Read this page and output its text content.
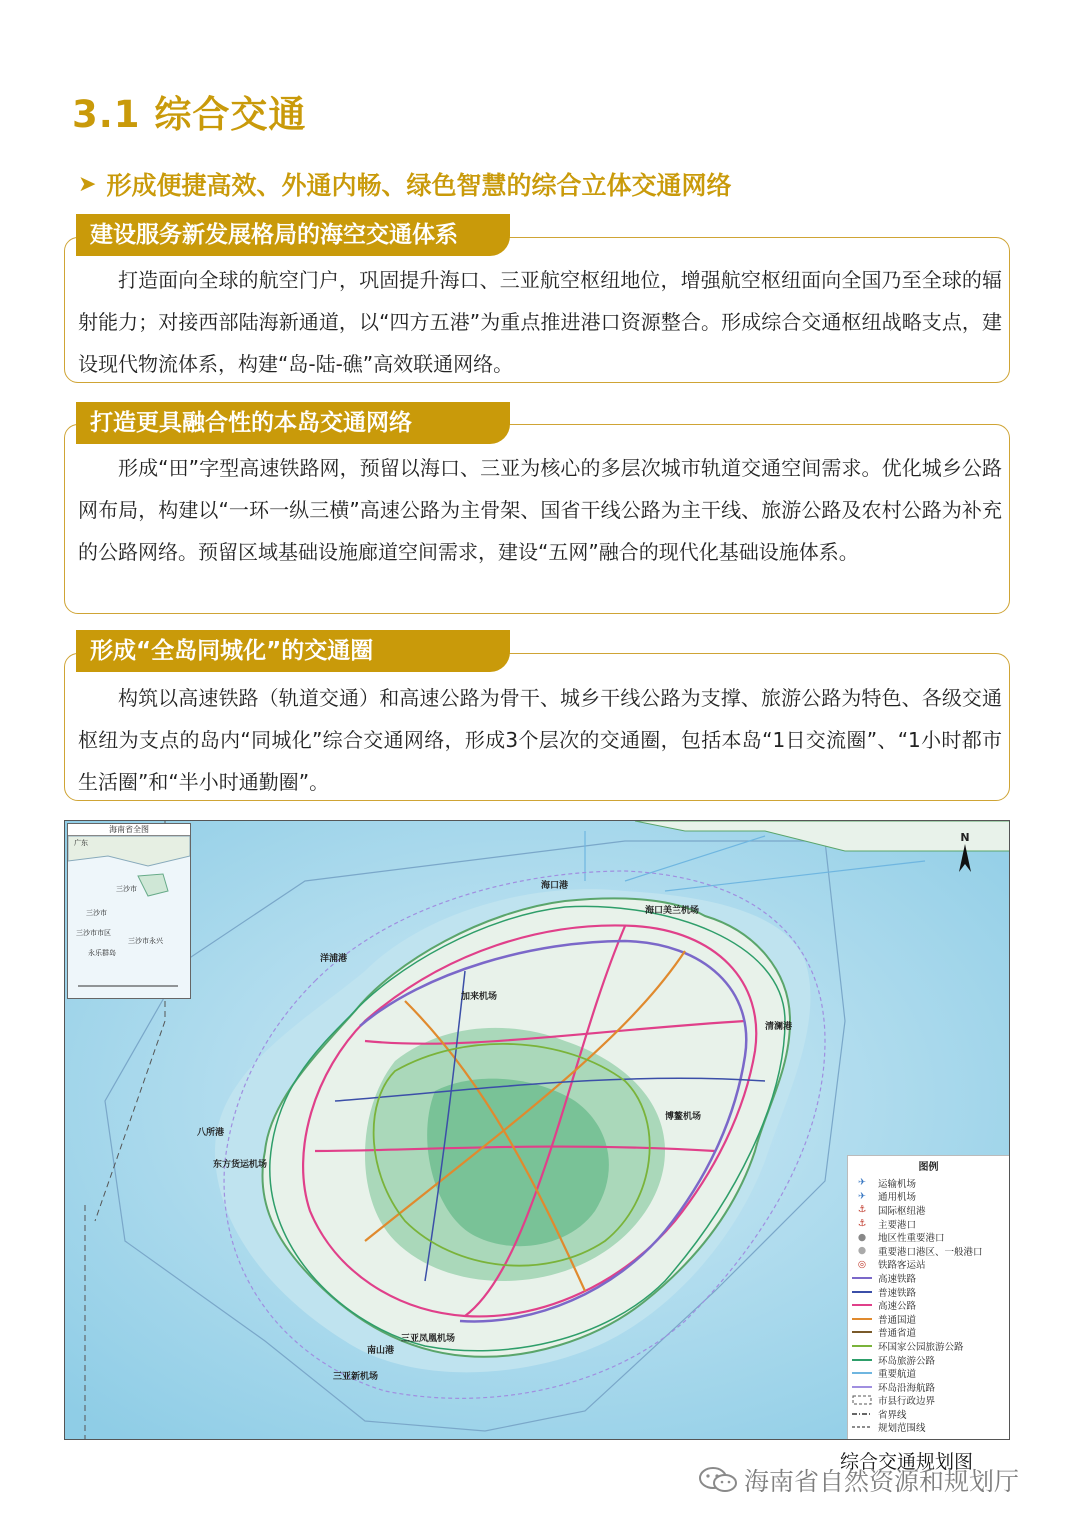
3.1 综合交通
➤ 形成便捷高效、外通内畅、绿色智慧的综合立体交通网络
建设服务新发展格局的海空交通体系

打造面向全球的航空门户，巩固提升海口、三亚航空枢纽地位，增强航空枢纽面向全国乃至全球的辐射能力；对接西部陆海新通道，以“四方五港”为重点推进港口资源整合。形成综合交通枢纽战略支点，建设现代物流体系，构建“岛-陆-礁”高效联通网络。

打造更具融合性的本岛交通网络

形成“田”字型高速铁路网，预留以海口、三亚为核心的多层次城市轨道交通空间需求。优化城乡公路网布局，构建以“一环一纵三横”高速公路为主骨架、国省干线公路为主干线、旅游公路及农村公路为补充的公路网络。预留区域基础设施廊道空间需求，建设“五网”融合的现代化基础设施体系。

形成“全岛同城化”的交通圈

构筑以高速铁路（轨道交通）和高速公路为骨干、城乡干线公路为支撑、旅游公路为特色、各级交通枢纽为支点的岛内“同城化”综合交通网络，形成3个层次的交通圈，包括本岛“1日交流圈”、“1小时都市生活圈”和“半小时通勤圈”。

海南省全图
广东
三沙市
三沙市
三沙市市区
三沙市永兴
永乐群岛
N
海口港
海口美兰机场
洋浦港
加来机场
清澜港
博鳌机场
八所港
东方货运机场
三亚凤凰机场
南山港
三亚新机场
图例
✈	运输机场
✈	通用机场
⚓	国际枢纽港
⚓	主要港口
●	地区性重要港口
●	重要港口港区、一般港口
◎	铁路客运站
高速铁路
普速铁路
高速公路
普通国道
普通省道
环国家公园旅游公路
环岛旅游公路
重要航道
环岛沿海航路
市县行政边界
省界线
规划范围线
综合交通规划图
海南省自然资源和规划厅
